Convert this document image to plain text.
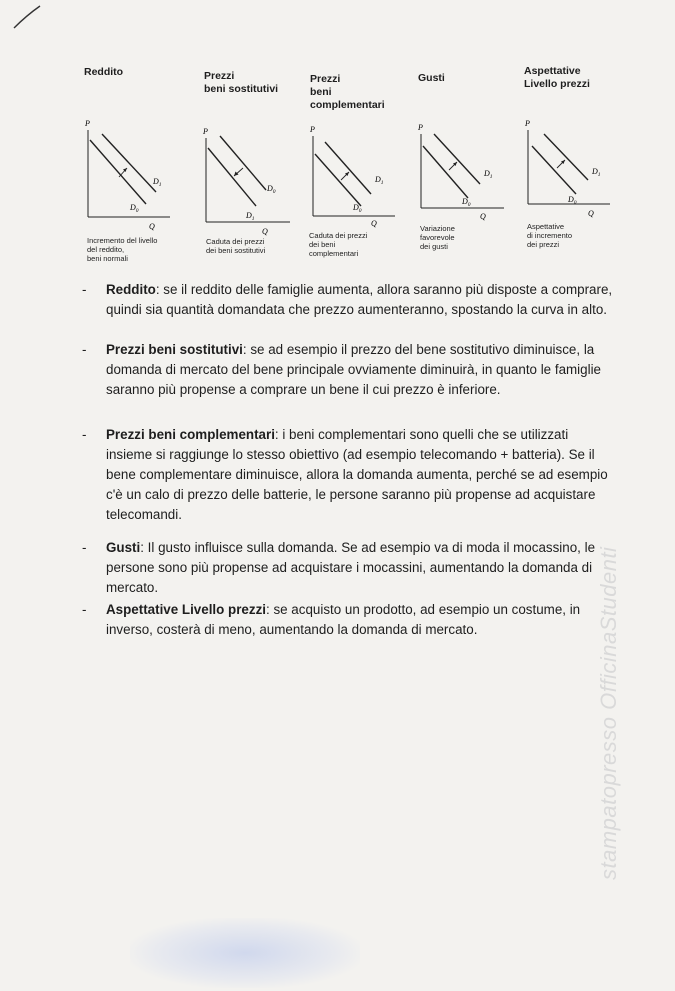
Reddito
P
Q
$D_1$
$D_0$
Incremento del livello
del reddito,
beni normali
Prezzi
beni sostitutivi
P
Q
$D_0$
$D_1$
Caduta dei prezzi
dei beni sostitutivi
Prezzi
beni
complementari
P
Q
$D_1$
$D_0$
Caduta dei prezzi
dei beni
complementari
Gusti
P
Q
$D_1$
$D_0$
Variazione
favorevole
dei gusti
Aspettative
Livello prezzi
P
Q
$D_1$
$D_0$
Aspettative
di incremento
dei prezzi
- Reddito: se il reddito delle famiglie aumenta, allora saranno più disposte a comprare, quindi sia quantità domandata che prezzo aumenteranno, spostando la curva in alto.
- Prezzi beni sostitutivi: se ad esempio il prezzo del bene sostitutivo diminuisce, la domanda di mercato del bene principale ovviamente diminuirà, in quanto le famiglie saranno più propense a comprare un bene il cui prezzo è inferiore.
- Prezzi beni complementari: i beni complementari sono quelli che se utilizzati insieme si raggiunge lo stesso obiettivo (ad esempio telecomando + batteria). Se il bene complementare diminuisce, allora la domanda aumenta, perché se ad esempio c'è un calo di prezzo delle batterie, le persone saranno più propense ad acquistare telecomandi.
- Gusti: Il gusto influisce sulla domanda. Se ad esempio va di moda il mocassino, le persone sono più propense ad acquistare i mocassini, aumentando la domanda di mercato.
- Aspettative Livello prezzi: se acquisto un prodotto, ad esempio un costume, in inverso, costerà di meno, aumentando la domanda di mercato.	stampatopresso OfficinaStudenti
